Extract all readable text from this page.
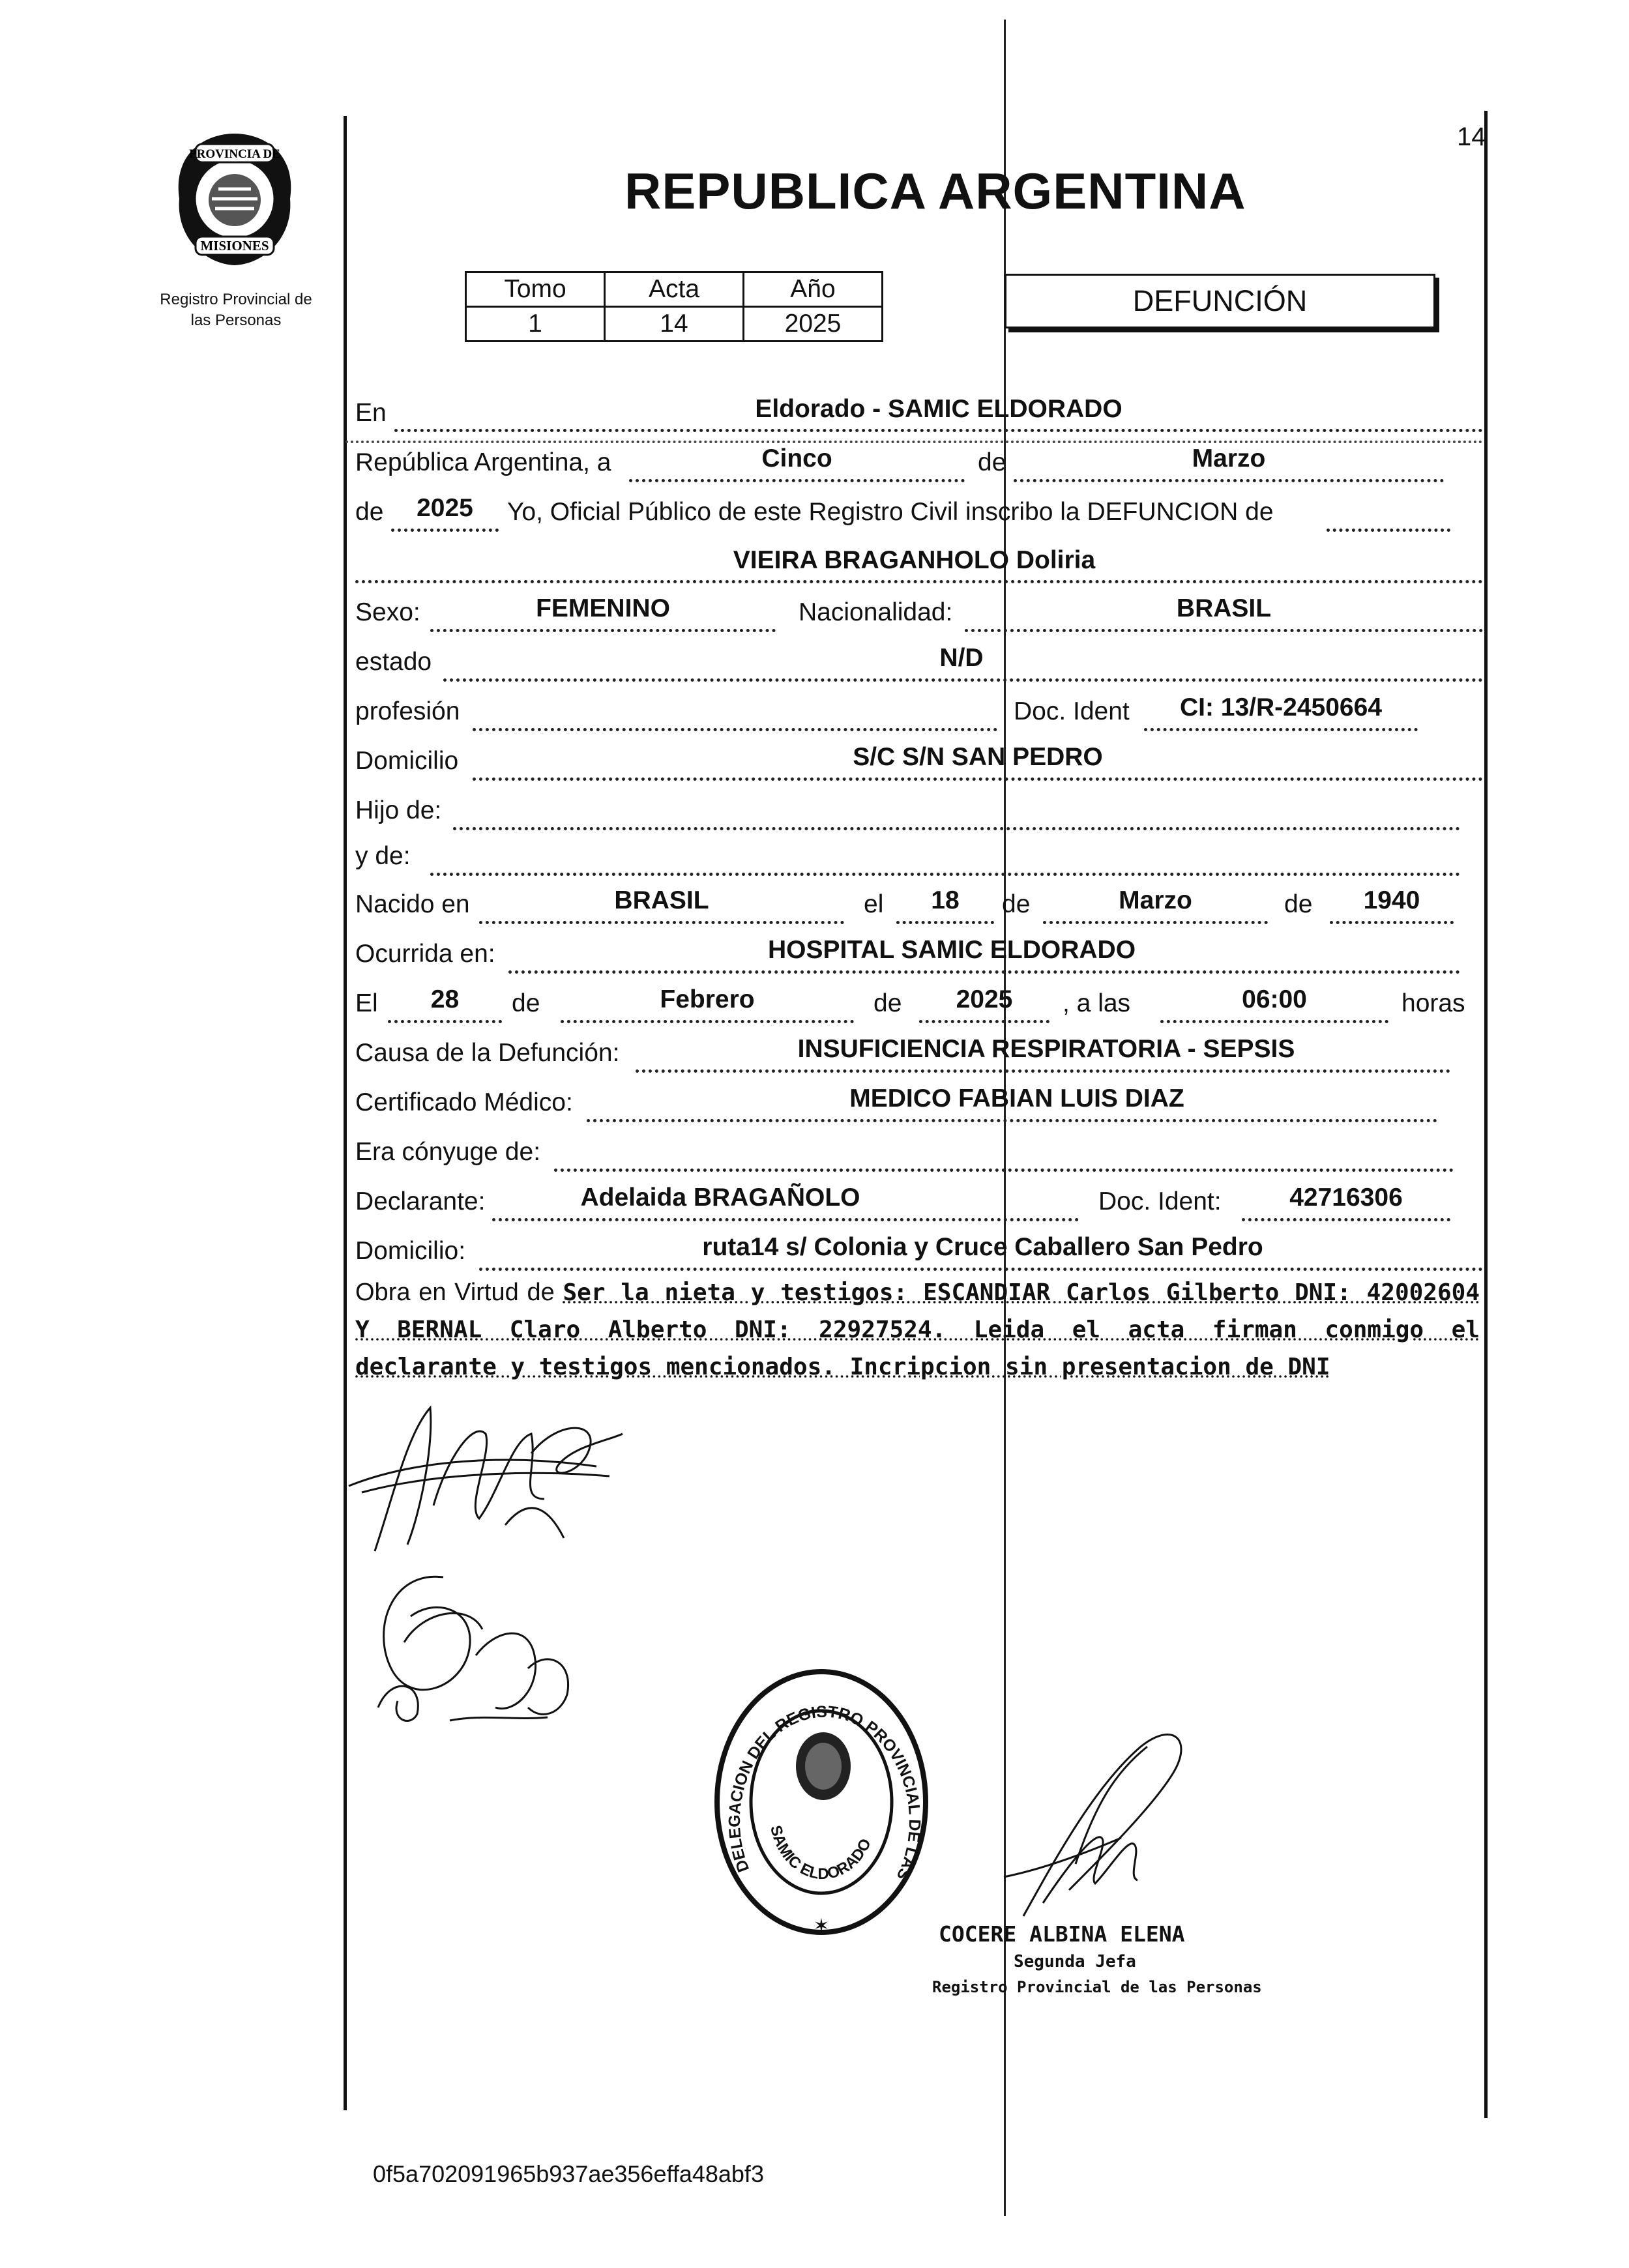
14
PROVINCIA DE
MISIONES
Registro Provincial de
las Personas
REPUBLICA ARGENTINA
Tomo	Acta	Año
1	14	2025
DEFUNCIÓN
En	Eldorado - SAMIC ELDORADO
República Argentina, a	Cinco	de	Marzo
de	2025	Yo, Oficial Público de este Registro Civil inscribo la DEFUNCION de
VIEIRA BRAGANHOLO Doliria
Sexo:	FEMENINO	Nacionalidad:	BRASIL
estado	N/D
profesión	Doc. Ident	CI: 13/R-2450664
Domicilio	S/C S/N SAN PEDRO
Hijo de:
y de:
Nacido en	BRASIL	el	18	de	Marzo	de	1940
Ocurrida en:	HOSPITAL SAMIC ELDORADO
El	28	de	Febrero	de	2025	, a las	06:00	horas
Causa de la Defunción:	INSUFICIENCIA RESPIRATORIA - SEPSIS
Certificado Médico:	MEDICO FABIAN LUIS DIAZ
Era cónyuge de:
Declarante:	Adelaida BRAGAÑOLO	Doc. Ident:	42716306
Domicilio:	ruta14 s/ Colonia y Cruce Caballero San Pedro
Obra en Virtud de Ser la nieta y testigos: ESCANDIAR Carlos Gilberto DNI: 42002604 Y BERNAL Claro Alberto DNI: 22927524. Leida el acta firman conmigo el declarante y testigos mencionados. Incripcion sin presentacion de DNI
DELEGACION DEL REGISTRO PROVINCIAL DE LAS
SAMIC ELDORADO
✶	COCERE ALBINA ELENA
Segunda Jefa
Registro Provincial de las Personas
0f5a702091965b937ae356effa48abf3
